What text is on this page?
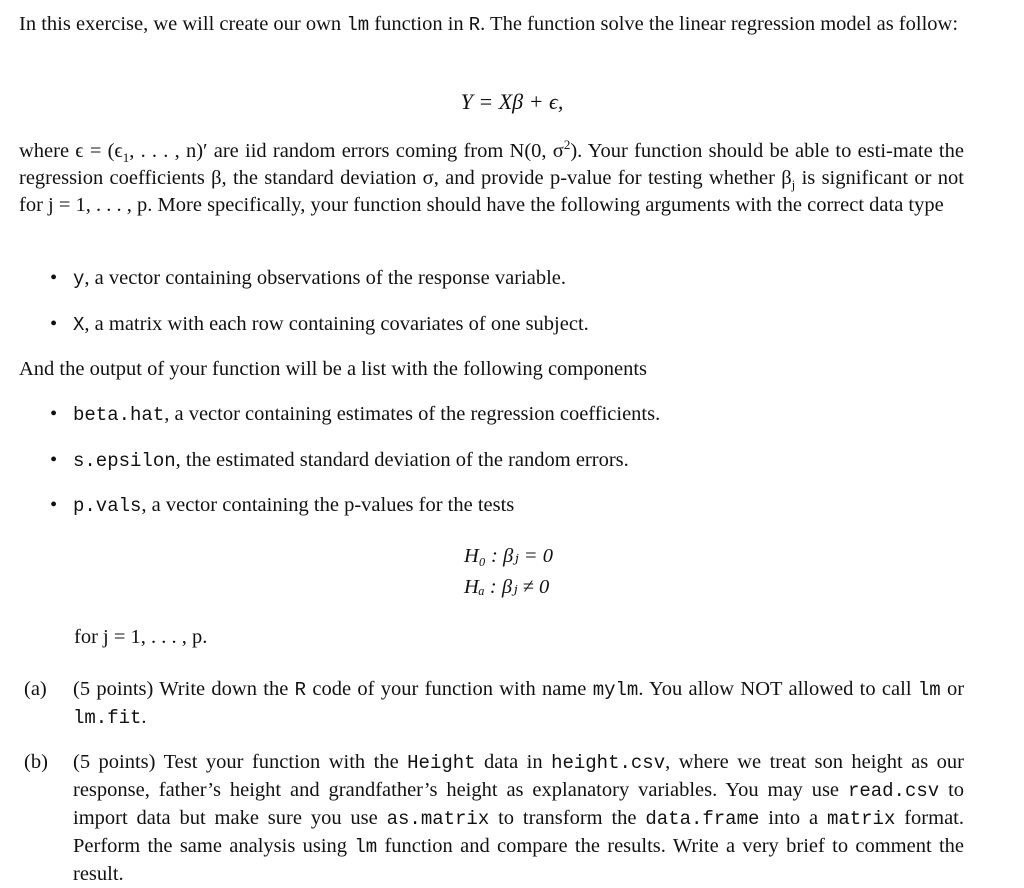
In this exercise, we will create our own lm function in R. The function solve the linear regression model as follow:

Y = Xβ + ϵ,

where $\epsilon = (\epsilon_1$, . . . , n)′ are iid random errors coming from N(0, $\sigma^2$). Your function should be able to esti-mate the regression coefficients β, the standard deviation σ, and provide p-value for testing whether $\beta_j$ is significant or not for j = 1, . . . , p. More specifically, your function should have the following arguments with the correct data type

• y, a vector containing observations of the response variable.
• X, a matrix with each row containing covariates of one subject.

And the output of your function will be a list with the following components

• beta.hat, a vector containing estimates of the regression coefficients.
• s.epsilon, the estimated standard deviation of the random errors.
• p.vals, a vector containing the p-values for the tests
H₀ : βⱼ = 0
Hₐ : βⱼ ≠ 0
for j = 1, . . . , p.
(a) (5 points) Write down the R code of your function with name mylm. You allow NOT allowed to call lm or lm.fit.

(b) (5 points) Test your function with the Height data in height.csv, where we treat son height as our response, father’s height and grandfather’s height as explanatory variables. You may use read.csv to import data but make sure you use as.matrix to transform the data.frame into a matrix format. Perform the same analysis using lm function and compare the results. Write a very brief to comment the result.
